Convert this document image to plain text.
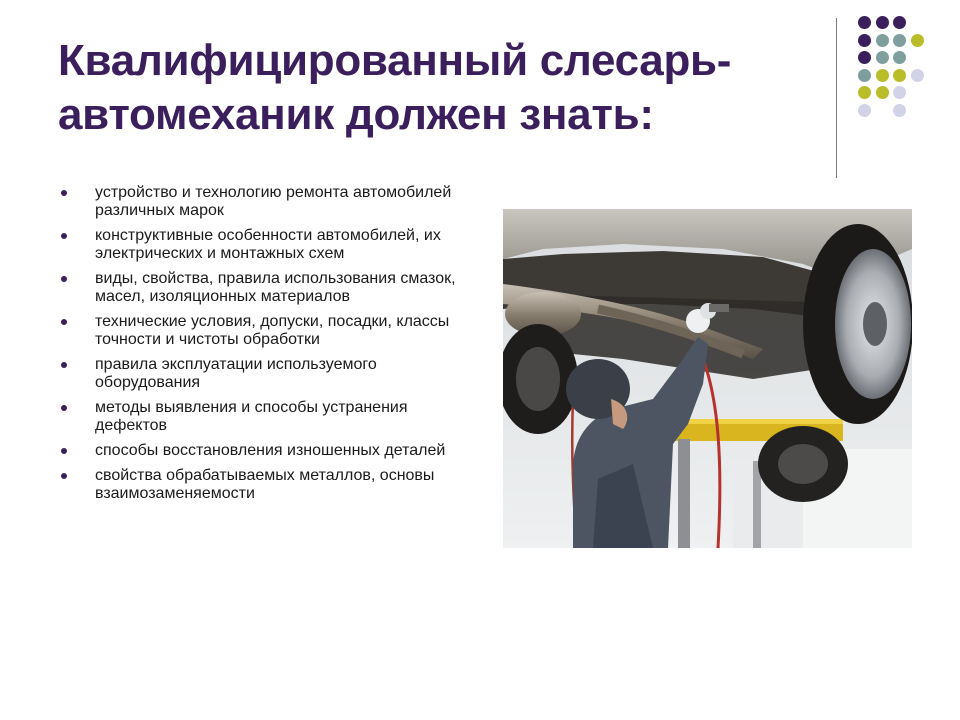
Квалифицированный слесарь-
автомеханик должен знать:
устройство и технологию ремонта автомобилей различных марок
конструктивные особенности автомобилей, их электрических и монтажных схем
виды, свойства, правила использования смазок, масел, изоляционных материалов
технические условия, допуски, посадки, классы точности и чистоты обработки
правила эксплуатации используемого оборудования
методы выявления и способы устранения дефектов
способы восстановления изношенных деталей
свойства обрабатываемых металлов, основы взаимозаменяемости
